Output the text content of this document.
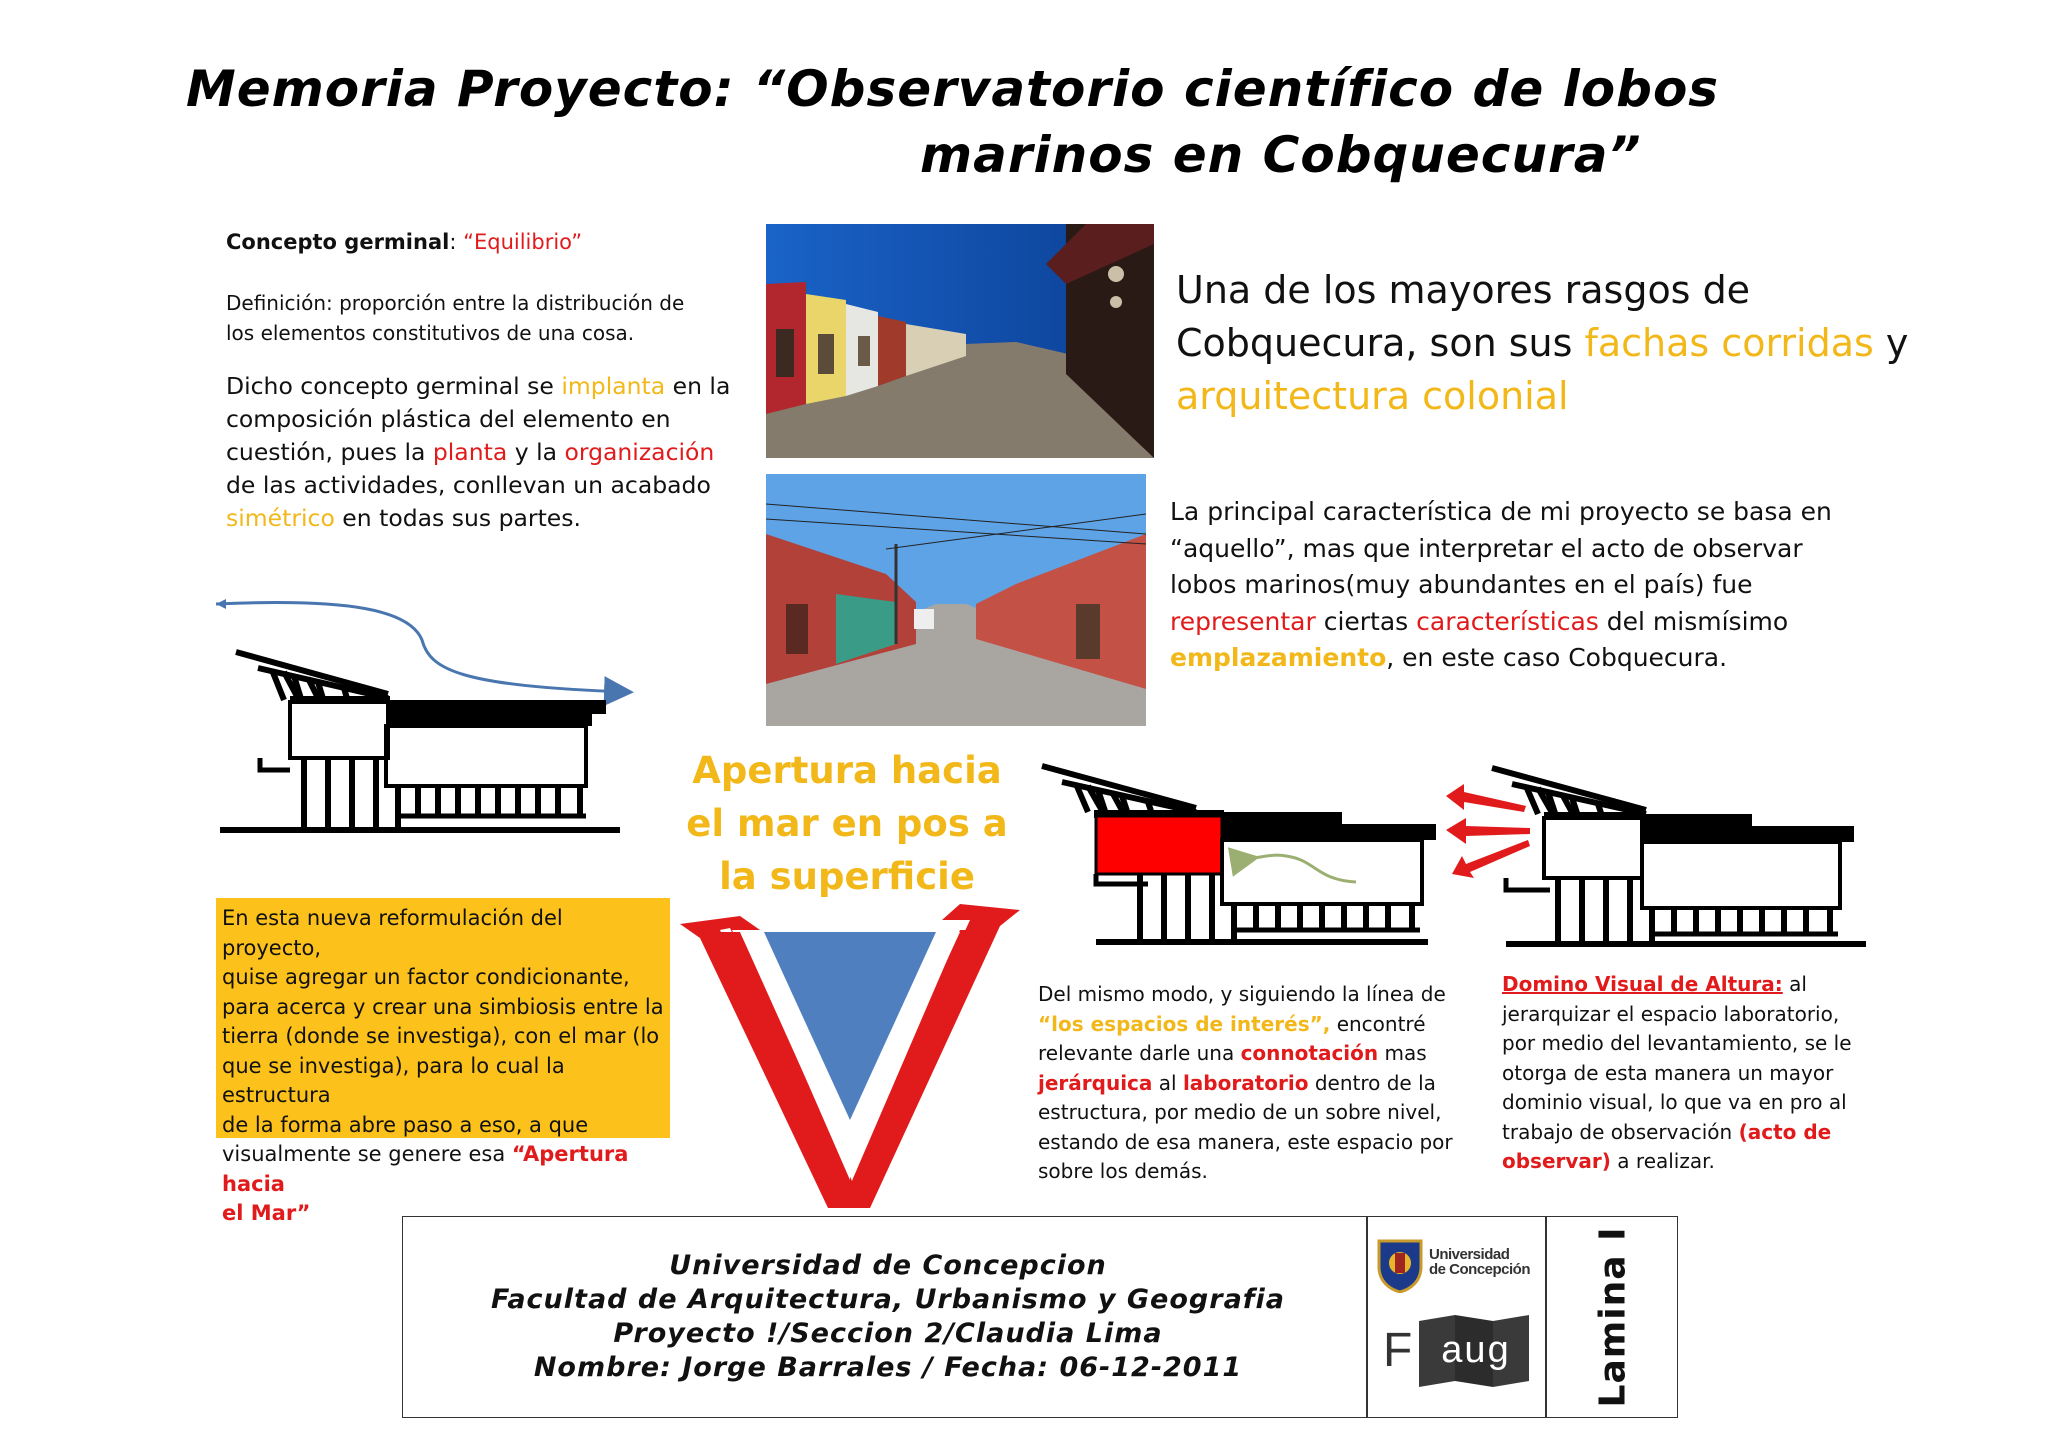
Memoria Proyecto: “Observatorio científico de lobos
marinos en Cobquecura”
Concepto germinal: “Equilibrio”
Definición: proporción entre la distribución de
los elementos constitutivos de una cosa.
Dicho concepto germinal se implanta en la
composición plástica del elemento en
cuestión, pues la planta y la organización
de las actividades, conllevan un acabado
simétrico en todas sus partes.
Una de los mayores rasgos de
Cobquecura, son sus fachas corridas y
arquitectura colonial
La principal característica de mi proyecto se basa en
“aquello”, mas que interpretar el acto de observar
lobos marinos(muy abundantes en el país) fue
representar ciertas características del mismísimo
emplazamiento, en este caso Cobquecura.
Apertura hacia
el mar en pos a
la superficie
En esta nueva reformulación del proyecto,
quise agregar un factor condicionante,
para acerca y crear una simbiosis entre la
tierra (donde se investiga), con el mar (lo
que se investiga), para lo cual la estructura
de la forma abre paso a eso, a que
visualmente se genere esa “Apertura hacia
el Mar”
Del mismo modo, y siguiendo la línea de
“los espacios de interés”, encontré
relevante darle una connotación mas
jerárquica al laboratorio dentro de la
estructura, por medio de un sobre nivel,
estando de esa manera, este espacio por
sobre los demás.
Domino Visual de Altura: al
jerarquizar el espacio laboratorio,
por medio del levantamiento, se le
otorga de esta manera un mayor
dominio visual, lo que va en pro al
trabajo de observación (acto de
observar) a realizar.
Universidad de Concepcion
Facultad de Arquitectura, Urbanismo y Geografia
Proyecto !/Seccion 2/Claudia Lima
Nombre: Jorge Barrales / Fecha: 06-12-2011
Universidad
de Concepción
F aug	Lamina I
